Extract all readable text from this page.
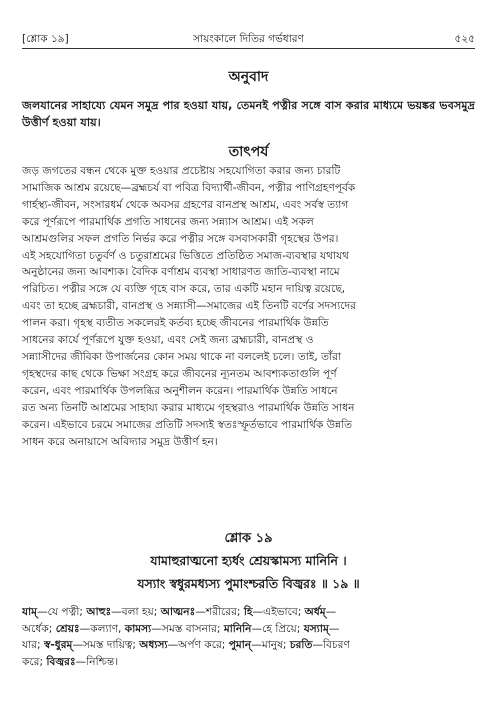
[শ্লোক ১৯]	সায়ংকালে দিতির গর্ভধারণ	৫২৫
অনুবাদ
জলযানের সাহায্যে যেমন সমুদ্র পার হওয়া যায়, তেমনই পত্নীর সঙ্গে বাস করার মাধ্যমে ভয়ঙ্কর ভবসমুদ্র উত্তীর্ণ হওয়া যায়।
তাৎপর্য
জড় জগতের বন্ধন থেকে মুক্ত হওয়ার প্রচেষ্টায় সহযোগিতা করার জন্য চারটি
সামাজিক আশ্রম রয়েছে—ব্রহ্মচর্য বা পবিত্র বিদ্যার্থী-জীবন, পত্নীর পাণিগ্রহণপূর্বক
গার্হস্থ্য-জীবন, সংসারধর্ম থেকে অবসর গ্রহণের বানপ্রস্থ আশ্রম, এবং সর্বস্ব ত্যাগ
করে পূর্ণরূপে পারমার্থিক প্রগতি সাধনের জন্য সন্ন্যাস আশ্রম। এই সকল
আশ্রমগুলির সফল প্রগতি নির্ভর করে পত্নীর সঙ্গে বসবাসকারী গৃহস্থের উপর।
এই সহযোগিতা চতুর্বর্ণ ও চতুরাশ্রমের ভিত্তিতে প্রতিষ্ঠিত সমাজ-ব্যবস্থার যথাযথ
অনুষ্ঠানের জন্য আবশ্যক। বৈদিক বর্ণাশ্রম ব্যবস্থা সাধারণত জাতি-ব্যবস্থা নামে
পরিচিত। পত্নীর সঙ্গে যে ব্যক্তি গৃহে বাস করে, তার একটি মহান দায়িত্ব রয়েছে,
এবং তা হচ্ছে ব্রহ্মচারী, বানপ্রস্থ ও সন্ন্যাসী—সমাজের এই তিনটি বর্ণের সদস্যদের
পালন করা। গৃহস্থ ব্যতীত সকলেরই কর্তব্য হচ্ছে জীবনের পারমার্থিক উন্নতি
সাধনের কার্যে পূর্ণরূপে যুক্ত হওয়া, এবং সেই জন্য ব্রহ্মচারী, বানপ্রস্থ ও
সন্ন্যাসীদের জীবিকা উপার্জনের কোন সময় থাকে না বললেই চলে। তাই, তাঁরা
গৃহস্থদের কাছ থেকে ভিক্ষা সংগ্রহ করে জীবনের ন্যূনতম আবশ্যকতাগুলি পূর্ণ
করেন, এবং পারমার্থিক উপলব্ধির অনুশীলন করেন। পারমার্থিক উন্নতি সাধনে
রত অন্য তিনটি আশ্রমের সাহায্য করার মাধ্যমে গৃহস্থরাও পারমার্থিক উন্নতি সাধন
করেন। এইভাবে চরমে সমাজের প্রতিটি সদস্যই স্বতঃস্ফূর্তভাবে পারমার্থিক উন্নতি
সাধন করে অনায়াসে অবিদ্যার সমুদ্র উত্তীর্ণ হন।
শ্লোক ১৯
যামাহুরাত্মনো হ্যর্ধং শ্রেয়স্কামস্য মানিনি ।
যস্যাং স্বধুরমধ্যস্য পুমাংশ্চরতি বিজ্বরঃ ॥ ১৯ ॥
যাম্—যে পত্নী; আহুঃ—বলা হয়; আত্মনঃ—শরীরের; হি—এইভাবে; অর্ধম্—
অর্ধেক; শ্রেয়ঃ—কল্যাণ, কামস্য—সমস্ত বাসনার; মানিনি—হে প্রিয়ে; যস্যাম্—
যার; স্ব-ধুরম্—সমস্ত দায়িত্ব; অধ্যস্য—অর্পণ করে; পুমান্—মানুষ; চরতি—বিচরণ
করে; বিজ্বরঃ—নিশ্চিন্ত।
